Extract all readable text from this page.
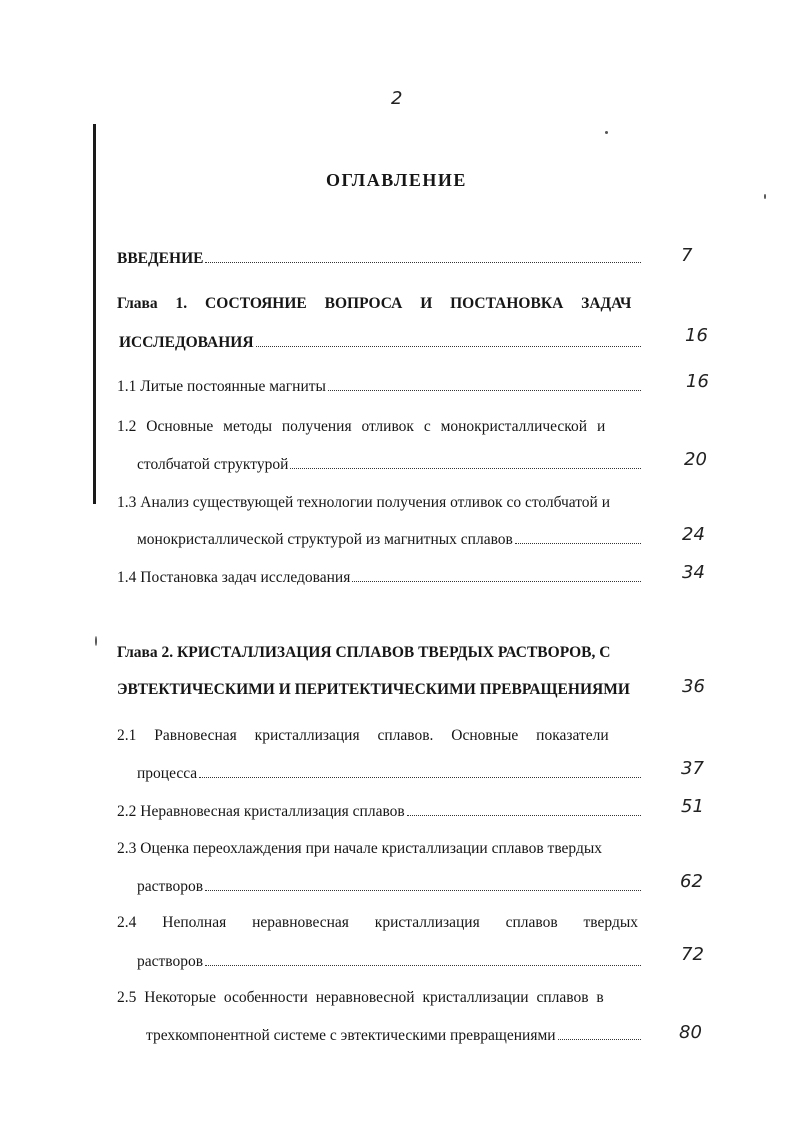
2
ОГЛАВЛЕНИЕ
ВВЕДЕНИЕ	7
Глава 1. СОСТОЯНИЕ ВОПРОСА И ПОСТАНОВКА ЗАДАЧ
ИССЛЕДОВАНИЯ	16
1.1 Литые постоянные магниты	16
1.2 Основные методы получения отливок с монокристаллической и
столбчатой структурой	20
1.3 Анализ существующей технологии получения отливок со столбчатой и
монокристаллической структурой из магнитных сплавов	24
1.4 Постановка задач исследования	34
Глава 2. КРИСТАЛЛИЗАЦИЯ СПЛАВОВ ТВЕРДЫХ РАСТВОРОВ, С
ЭВТЕКТИЧЕСКИМИ И ПЕРИТЕКТИЧЕСКИМИ ПРЕВРАЩЕНИЯМИ	36
2.1 Равновесная кристаллизация сплавов. Основные показатели
процесса	37
2.2 Неравновесная кристаллизация сплавов	51
2.3 Оценка переохлаждения при начале кристаллизации сплавов твердых
растворов	62
2.4 Неполная неравновесная кристаллизация сплавов твердых
растворов	72
2.5 Некоторые особенности неравновесной кристаллизации сплавов в
трехкомпонентной системе с эвтектическими превращениями	80
